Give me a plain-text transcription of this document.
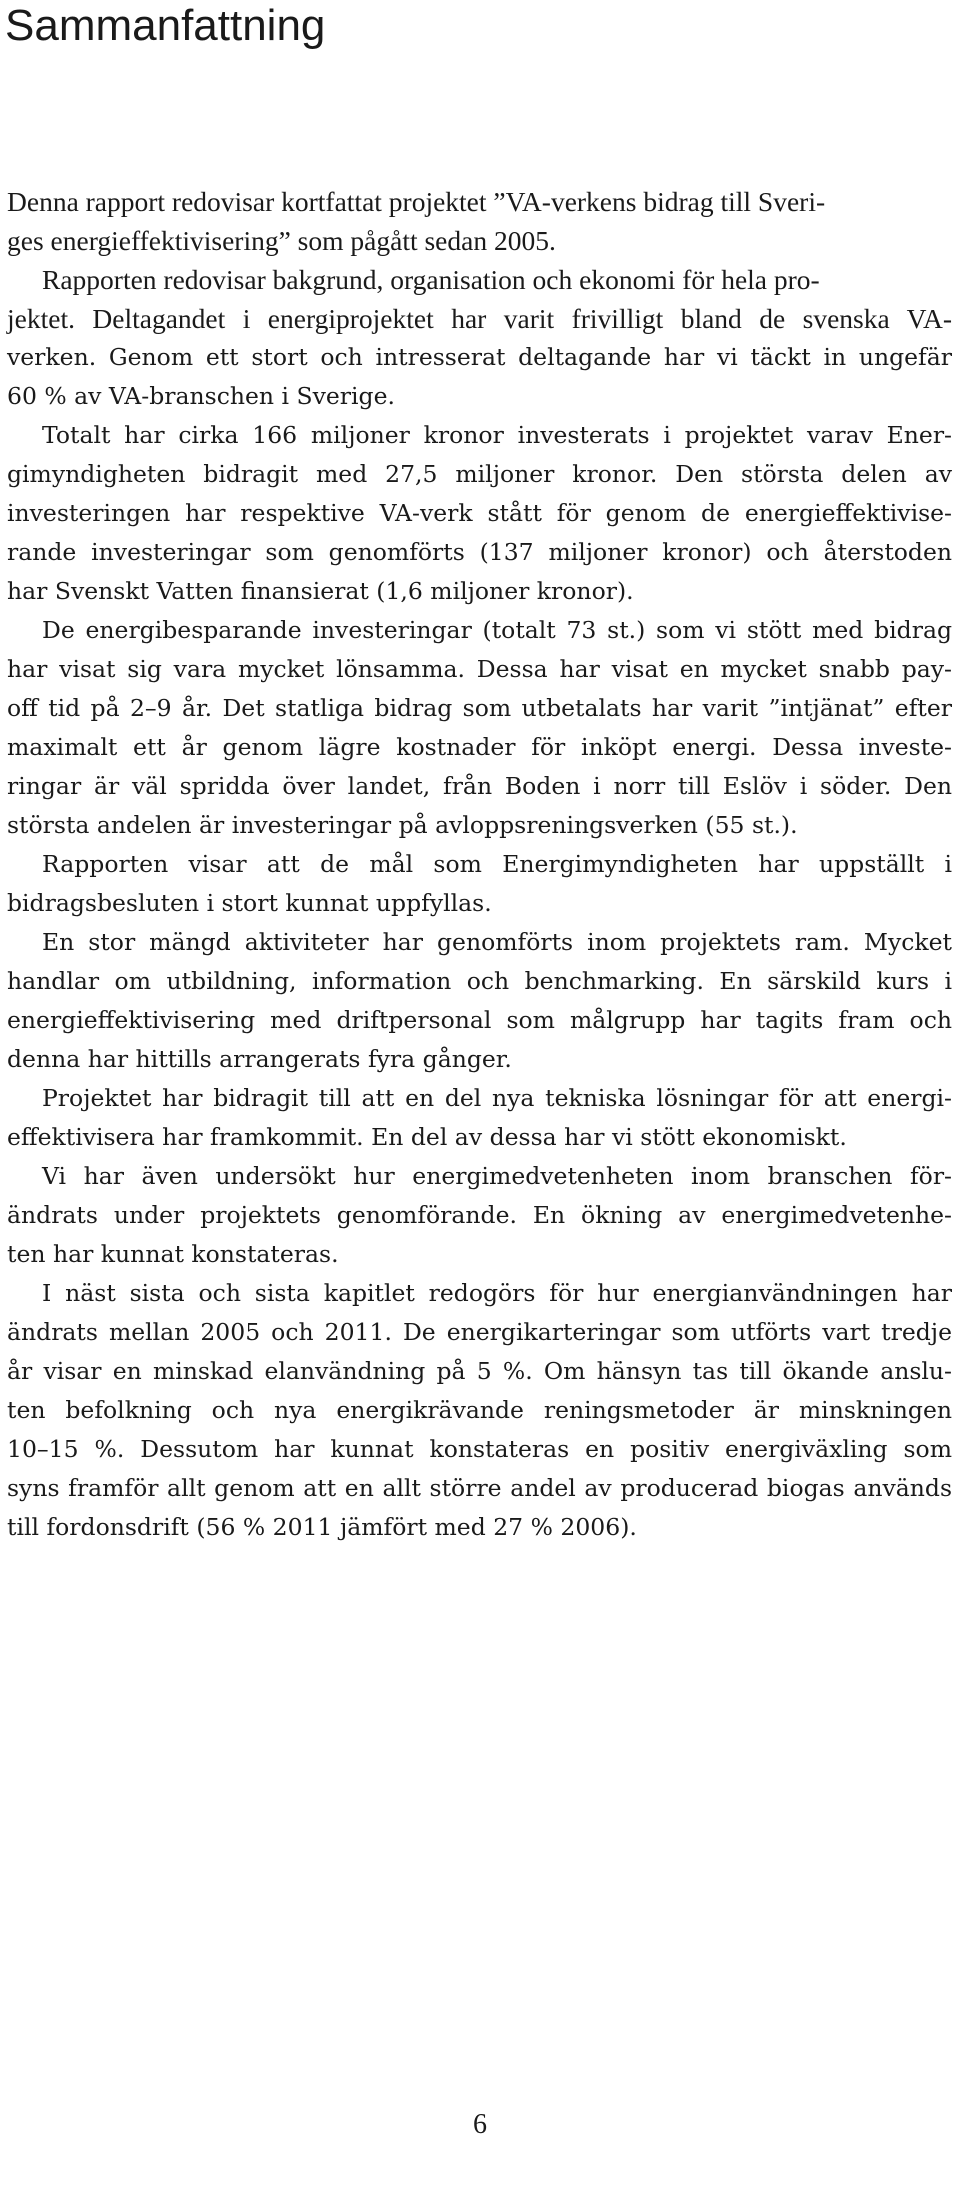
Sammanfattning
Denna rapport redovisar kortfattat projektet ”VA-verkens bidrag till Sveri-
ges energieffektivisering” som pågått sedan 2005.
Rapporten redovisar bakgrund, organisation och ekonomi för hela pro-
jektet. Deltagandet i energiprojektet har varit frivilligt bland de svenska VA-
verken. Genom ett stort och intresserat deltagande har vi täckt in ungefär
60 % av VA-branschen i Sverige.
Totalt har cirka 166 miljoner kronor investerats i projektet varav Ener-
gimyndigheten bidragit med 27,5 miljoner kronor. Den största delen av
investeringen har respektive VA-verk stått för genom de energieffektivise-
rande investeringar som genomförts (137 miljoner kronor) och återstoden
har Svenskt Vatten finansierat (1,6 miljoner kronor).
De energibesparande investeringar (totalt 73 st.) som vi stött med bidrag
har visat sig vara mycket lönsamma. Dessa har visat en mycket snabb pay-
off tid på 2–9 år. Det statliga bidrag som utbetalats har varit ”intjänat” efter
maximalt ett år genom lägre kostnader för inköpt energi. Dessa investe-
ringar är väl spridda över landet, från Boden i norr till Eslöv i söder. Den
största andelen är investeringar på avloppsreningsverken (55 st.).
Rapporten visar att de mål som Energimyndigheten har uppställt i
bidragsbesluten i stort kunnat uppfyllas.
En stor mängd aktiviteter har genomförts inom projektets ram. Mycket
handlar om utbildning, information och benchmarking. En särskild kurs i
energieffektivisering med driftpersonal som målgrupp har tagits fram och
denna har hittills arrangerats fyra gånger.
Projektet har bidragit till att en del nya tekniska lösningar för att energi-
effektivisera har framkommit. En del av dessa har vi stött ekonomiskt.
Vi har även undersökt hur energimedvetenheten inom branschen för-
ändrats under projektets genomförande. En ökning av energimedvetenhe-
ten har kunnat konstateras.
I näst sista och sista kapitlet redogörs för hur energianvändningen har
ändrats mellan 2005 och 2011. De energikarteringar som utförts vart tredje
år visar en minskad elanvändning på 5 %. Om hänsyn tas till ökande anslu-
ten befolkning och nya energikrävande reningsmetoder är minskningen
10–15 %. Dessutom har kunnat konstateras en positiv energiväxling som
syns framför allt genom att en allt större andel av producerad biogas används
till fordonsdrift (56 % 2011 jämfört med 27 % 2006).
6
